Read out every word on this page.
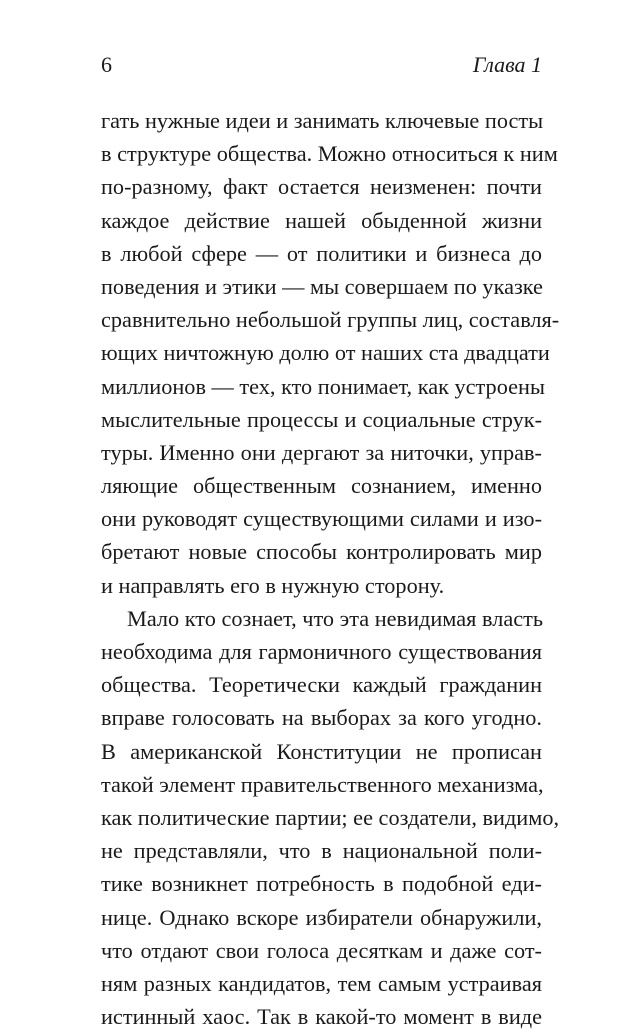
6	Глава 1
гать нужные идеи и занимать ключевые посты
в структуре общества. Можно относиться к ним
по-разному, факт остается неизменен: почти
каждое действие нашей обыденной жизни
в любой сфере — от политики и бизнеса до
поведения и этики — мы совершаем по указке
сравнительно небольшой группы лиц, составля-
ющих ничтожную долю от наших ста двадцати
миллионов — тех, кто понимает, как устроены
мыслительные процессы и социальные струк-
туры. Именно они дергают за ниточки, управ-
ляющие общественным сознанием, именно
они руководят существующими силами и изо-
бретают новые способы контролировать мир
и направлять его в нужную сторону.
Мало кто сознает, что эта невидимая власть
необходима для гармоничного существования
общества. Теоретически каждый гражданин
вправе голосовать на выборах за кого угодно.
В американской Конституции не прописан
такой элемент правительственного механизма,
как политические партии; ее создатели, видимо,
не представляли, что в национальной поли-
тике возникнет потребность в подобной еди-
нице. Однако вскоре избиратели обнаружили,
что отдают свои голоса десяткам и даже сот-
ням разных кандидатов, тем самым устраивая
истинный хаос. Так в какой-то момент в виде
